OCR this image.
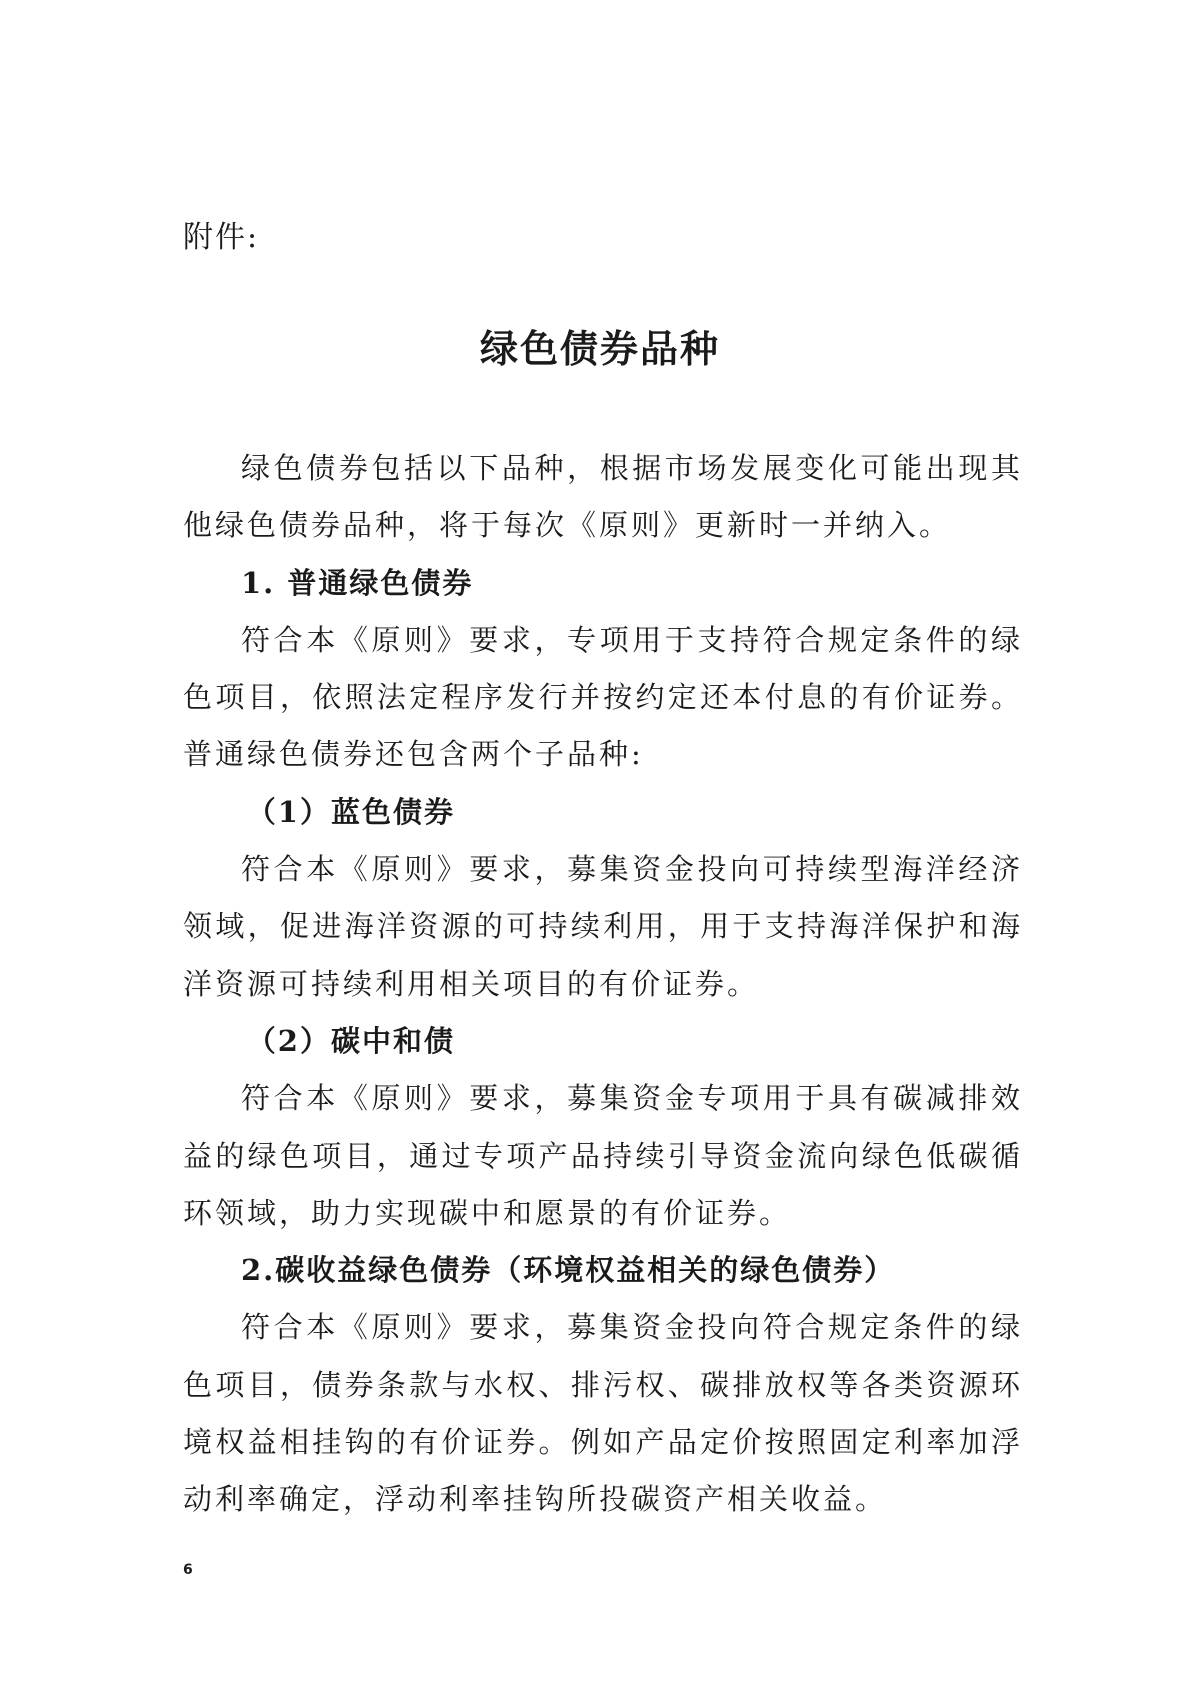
附件:
绿色债券品种

绿色债券包括以下品种，根据市场发展变化可能出现其他绿色债券品种，将于每次《原则》更新时一并纳入。

1. 普通绿色债券

符合本《原则》要求，专项用于支持符合规定条件的绿色项目，依照法定程序发行并按约定还本付息的有价证券。普通绿色债券还包含两个子品种:

（1）蓝色债券

符合本《原则》要求，募集资金投向可持续型海洋经济领域，促进海洋资源的可持续利用，用于支持海洋保护和海洋资源可持续利用相关项目的有价证券。

（2）碳中和债

符合本《原则》要求，募集资金专项用于具有碳减排效益的绿色项目，通过专项产品持续引导资金流向绿色低碳循环领域，助力实现碳中和愿景的有价证券。

2.碳收益绿色债券（环境权益相关的绿色债券）

符合本《原则》要求，募集资金投向符合规定条件的绿色项目，债券条款与水权、排污权、碳排放权等各类资源环境权益相挂钩的有价证券。例如产品定价按照固定利率加浮动利率确定，浮动利率挂钩所投碳资产相关收益。

6
